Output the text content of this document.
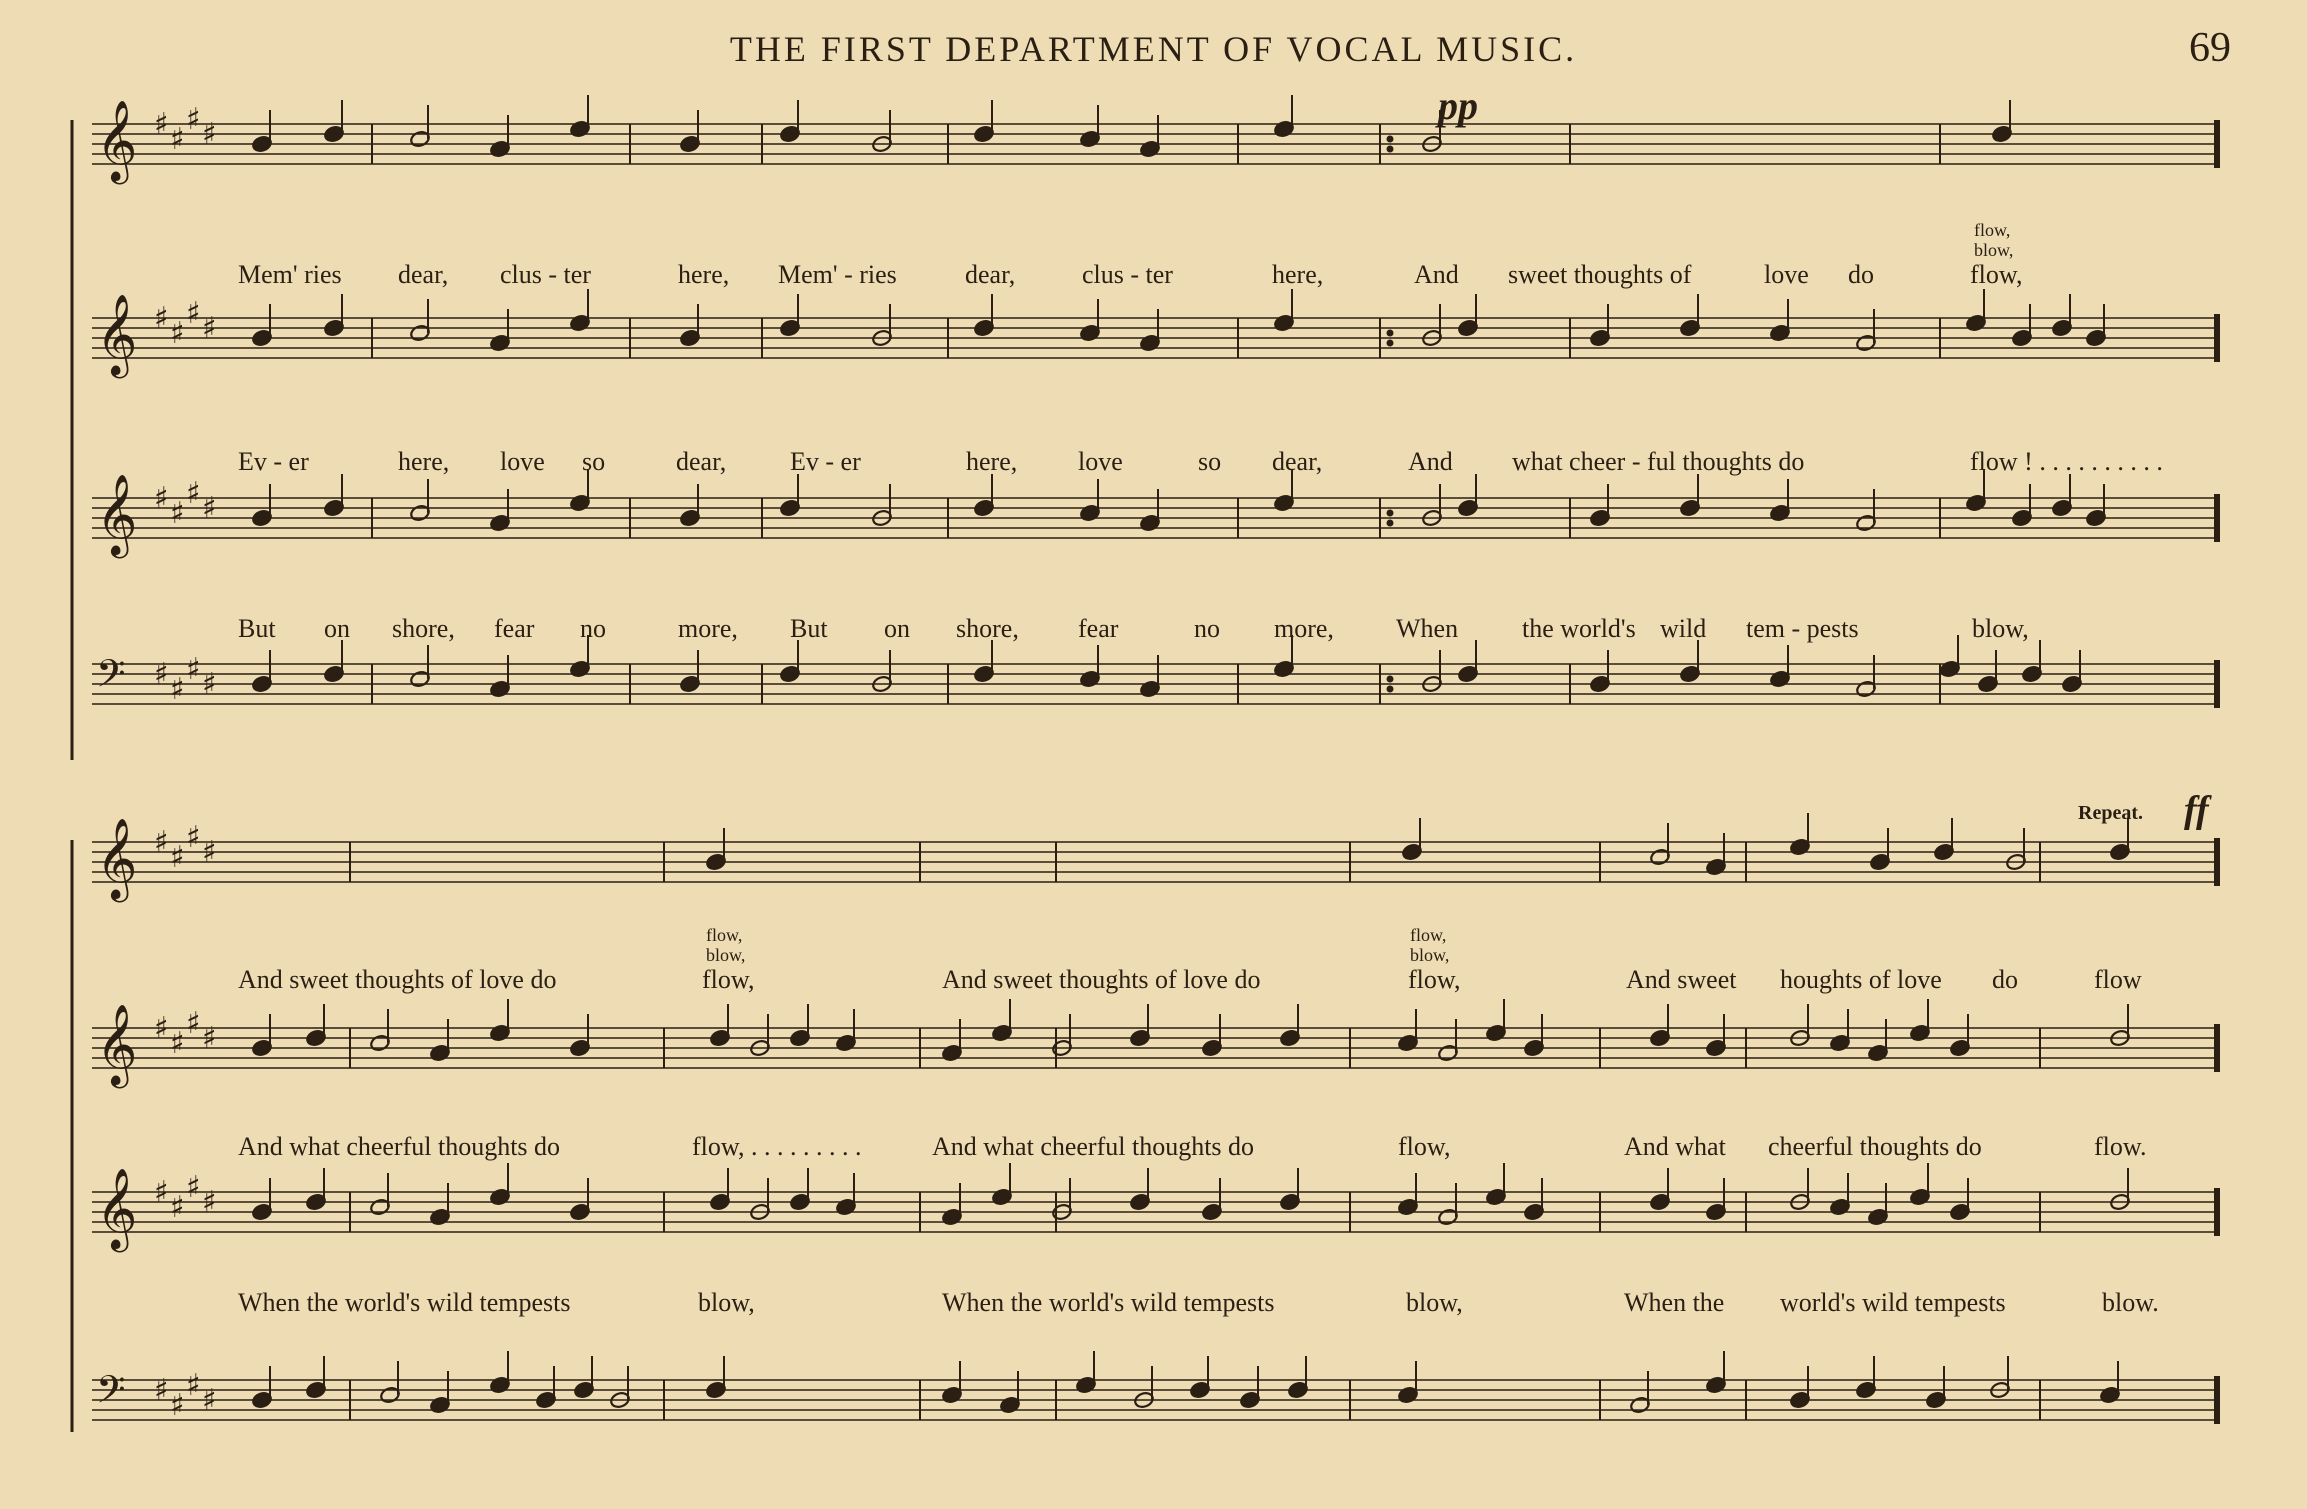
THE FIRST DEPARTMENT OF VOCAL MUSIC.	69
𝄞 ♯ ♯
♯ ♯
𝄞 ♯ ♯
♯ ♯
𝄞 ♯ ♯
♯ ♯
𝄢 ♯ ♯
♯ ♯
𝄞 ♯ ♯
♯ ♯
𝄞 ♯ ♯
♯ ♯
𝄞 ♯ ♯
♯ ♯
𝄢 ♯ ♯
♯ ♯
pp
Repeat. ff
Mem' ries dear, clus - ter	here, Mem' - ries	dear,	clus - ter	here,	And sweet thoughts of	love do	flow,
flow,
blow,
Ev - er	here, love so	dear, Ev - er	here, love	so dear,	And what cheer - ful thoughts do	flow ! . . . . . . . . . .
But on shore, fear no	more, But on shore, fear	no more, When the world's wild tem - pests	blow,
And sweet thoughts of love do	flow,	And sweet thoughts of love do	flow,	And sweet houghts of love do	flow
flow,
blow,
flow,
blow,
And what cheerful thoughts do	flow, . . . . . . . . .	And what cheerful thoughts do	flow,	And what cheerful thoughts do	flow.
When the world's wild tempests	blow,	When the world's wild tempests	blow,	When the world's wild tempests	blow.
